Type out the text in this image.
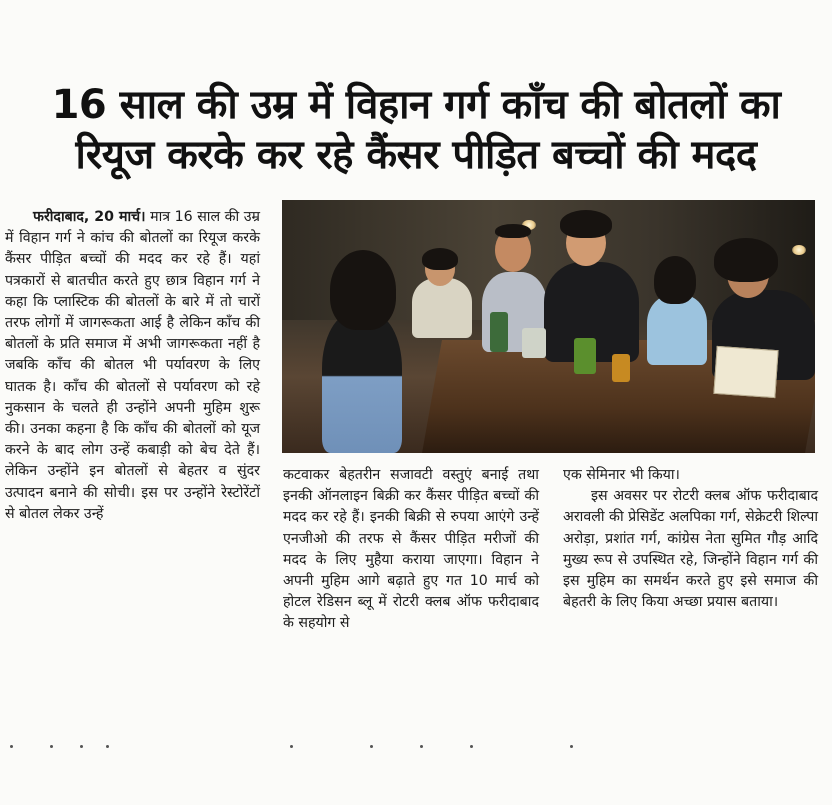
16 साल की उम्र में विहान गर्ग काँच की बोतलों का
रियूज करके कर रहे कैंसर पीड़ित बच्चों की मदद
फरीदाबाद, 20 मार्च। मात्र 16 साल की उम्र में विहान गर्ग ने कांच की बोतलों का रियूज करके कैंसर पीड़ित बच्चों की मदद कर रहे हैं। यहां पत्रकारों से बातचीत करते हुए छात्र विहान गर्ग ने कहा कि प्लास्टिक की बोतलों के बारे में तो चारों तरफ लोगों में जागरूकता आई है लेकिन काँच की बोतलों के प्रति समाज में अभी जागरूकता नहीं है जबकि काँच की बोतल भी पर्यावरण के लिए घातक है। काँच की बोतलों से पर्यावरण को रहे नुकसान के चलते ही उन्होंने अपनी मुहिम शुरू की। उनका कहना है कि काँच की बोतलों को यूज करने के बाद लोग उन्हें कबाड़ी को बेच देते हैं। लेकिन उन्होंने इन बोतलों से बेहतर व सुंदर उत्पादन बनाने की सोची। इस पर उन्होंने रेस्टोरेंटों से बोतल लेकर उन्हें
कटवाकर बेहतरीन सजावटी वस्तुएं बनाई तथा इनकी ऑनलाइन बिक्री कर कैंसर पीड़ित बच्चों की मदद कर रहे हैं। इनकी बिक्री से रुपया आएंगे उन्हें एनजीओ की तरफ से कैंसर पीड़ित मरीजों की मदद के लिए मुहैया कराया जाएगा। विहान ने अपनी मुहिम आगे बढ़ाते हुए गत 10 मार्च को होटल रेडिसन ब्लू में रोटरी क्लब ऑफ फरीदाबाद के सहयोग से
एक सेमिनार भी किया।
इस अवसर पर रोटरी क्लब ऑफ फरीदाबाद अरावली की प्रेसिडेंट अलपिका गर्ग, सेक्रेटरी शिल्पा अरोड़ा, प्रशांत गर्ग, कांग्रेस नेता सुमित गौड़ आदि मुख्य रूप से उपस्थित रहे, जिन्होंने विहान गर्ग की इस मुहिम का समर्थन करते हुए इसे समाज की बेहतरी के लिए किया अच्छा प्रयास बताया।
